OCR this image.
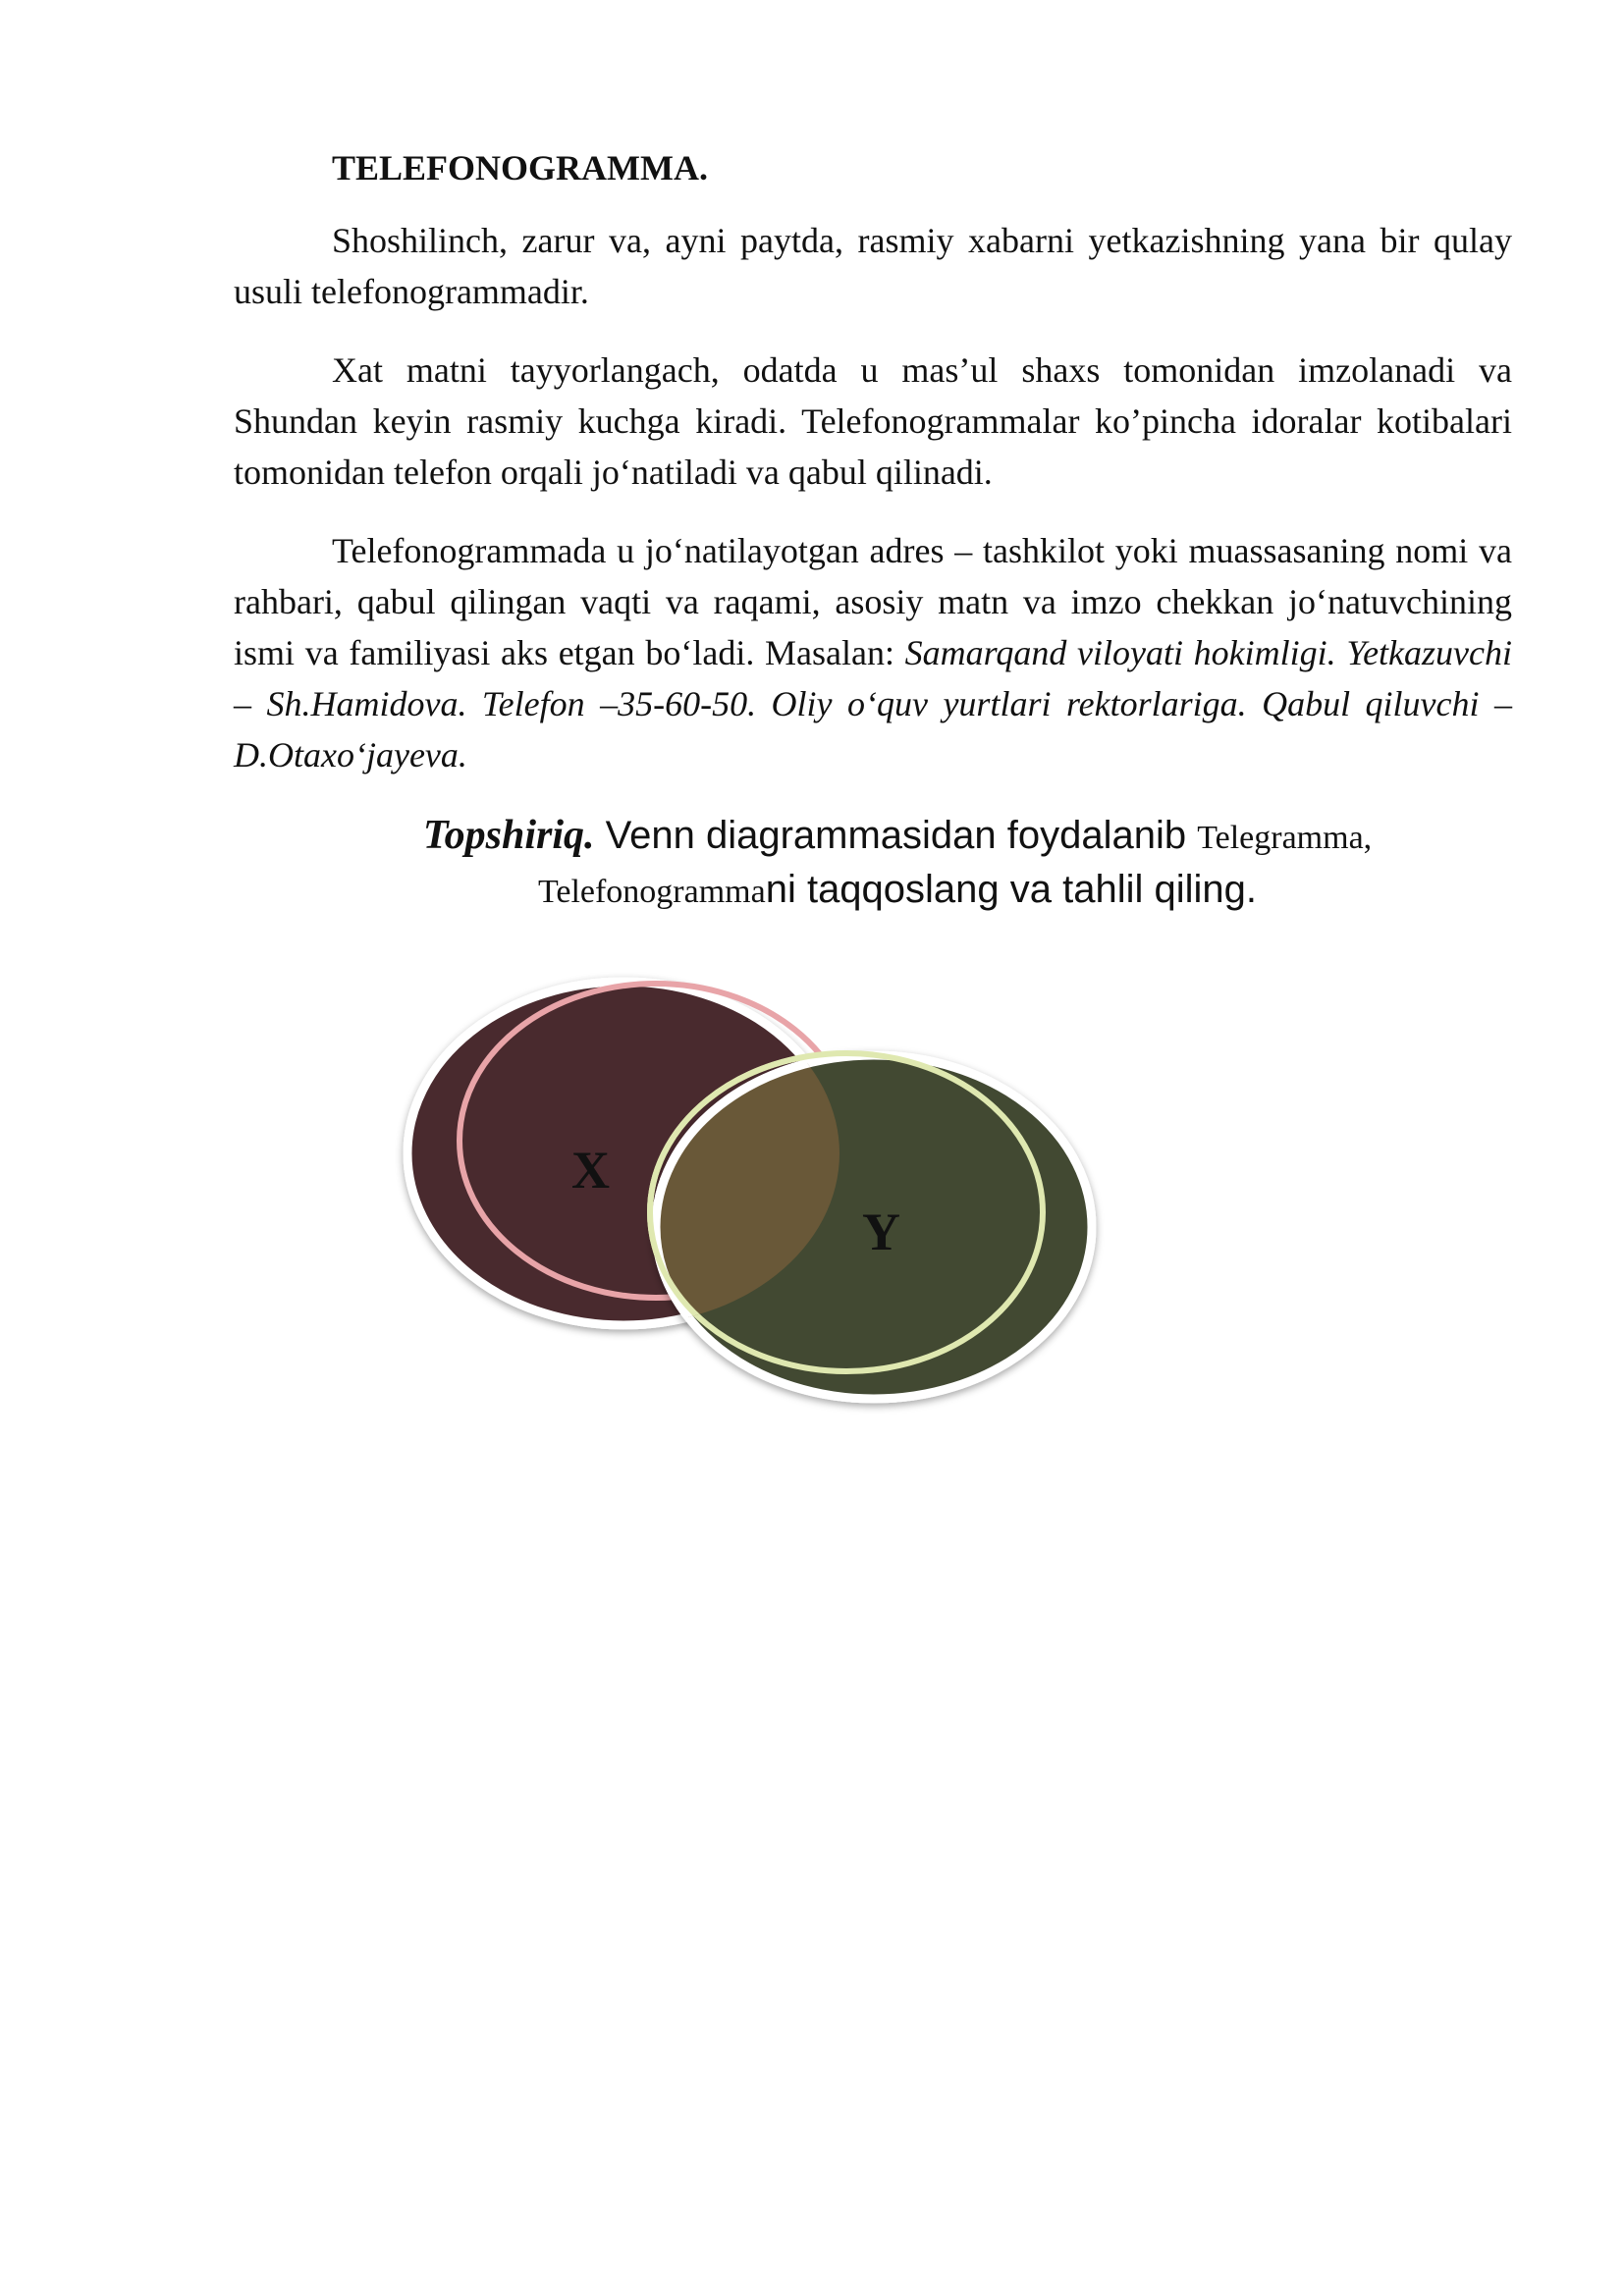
TELEFONOGRAMMA.

Shoshilinch, zarur va, ayni paytda, rasmiy xabarni yetkazishning yana bir qulay usuli telefonogrammadir.

Xat matni tayyorlangach, odatda u mas’ul shaxs tomonidan imzolanadi va Shundan keyin rasmiy kuchga kiradi. Telefonogrammalar ko’pincha idoralar kotibalari tomonidan telefon orqali jo‘natiladi va qabul qilinadi.

Telefonogrammada u jo‘natilayotgan adres – tashkilot yoki muassasaning nomi va rahbari, qabul qilingan vaqti va raqami, asosiy matn va imzo chekkan jo‘natuvchining ismi va familiyasi aks etgan bo‘ladi. Masalan: Samarqand viloyati hokimligi. Yetkazuvchi – Sh.Hamidova. Telefon –35-60-50. Oliy o‘quv yurtlari rektorlariga. Qabul qiluvchi – D.Otaxo‘jayeva.

Topshiriq. Venn diagrammasidan foydalanib Telegramma,
Telefonogrammani taqqoslang va tahlil qiling.
X
Y
